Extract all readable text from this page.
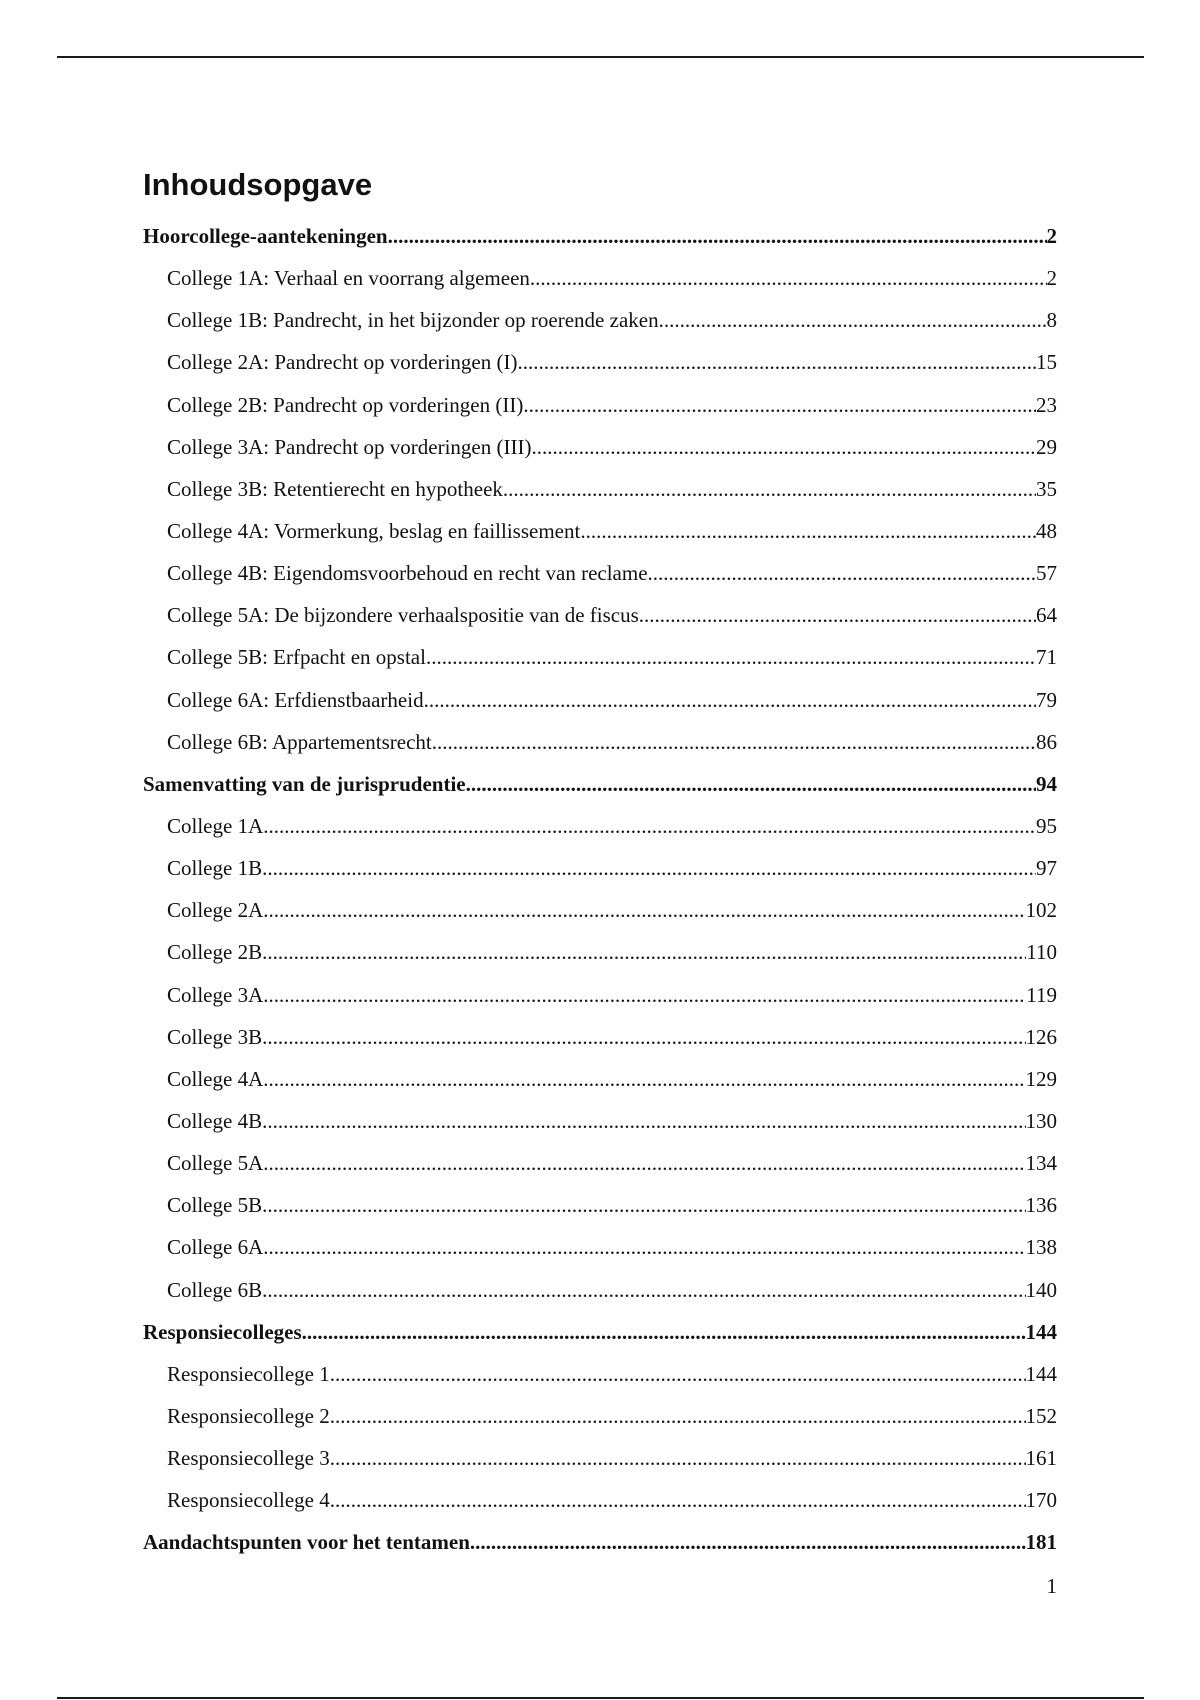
Inhoudsopgave
Hoorcollege-aantekeningen .....	2
College 1A: Verhaal en voorrang algemeen .....	2
College 1B: Pandrecht, in het bijzonder op roerende zaken .....	8
College 2A: Pandrecht op vorderingen (I) .....	15
College 2B: Pandrecht op vorderingen (II) .....	23
College 3A: Pandrecht op vorderingen (III) .....	29
College 3B: Retentierecht en hypotheek .....	35
College 4A: Vormerkung, beslag en faillissement .....	48
College 4B: Eigendomsvoorbehoud en recht van reclame .....	57
College 5A: De bijzondere verhaalspositie van de fiscus .....	64
College 5B: Erfpacht en opstal .....	71
College 6A: Erfdienstbaarheid .....	79
College 6B: Appartementsrecht .....	86
Samenvatting van de jurisprudentie .....	94
College 1A .....	95
College 1B .....	97
College 2A .....	102
College 2B .....	110
College 3A .....	119
College 3B .....	126
College 4A .....	129
College 4B .....	130
College 5A .....	134
College 5B .....	136
College 6A .....	138
College 6B .....	140
Responsiecolleges .....	144
Responsiecollege 1 .....	144
Responsiecollege 2 .....	152
Responsiecollege 3 .....	161
Responsiecollege 4 .....	170
Aandachtspunten voor het tentamen .....	181
1
